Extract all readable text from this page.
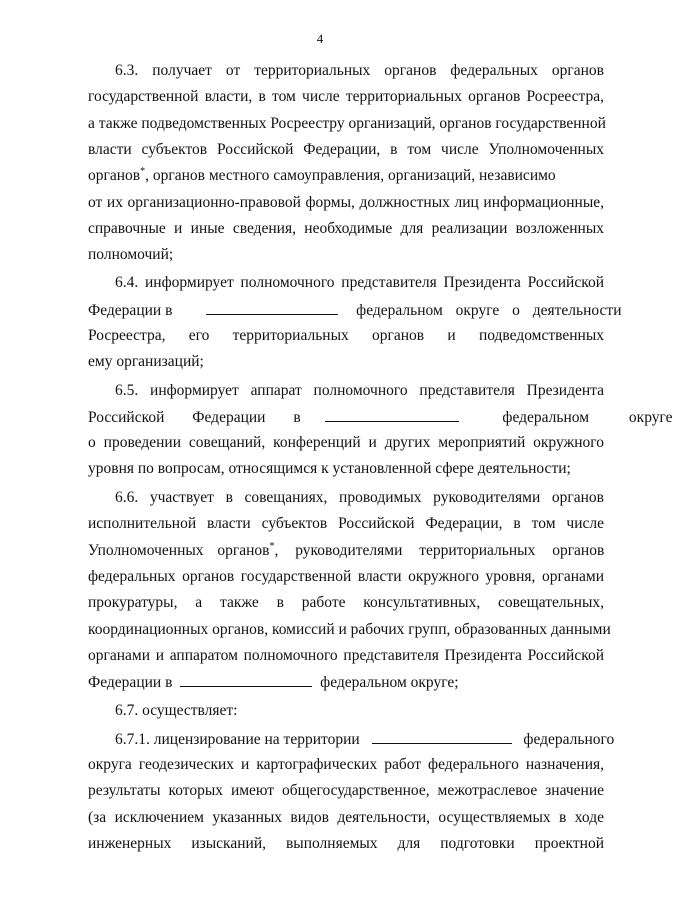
4
6.3. получает от территориальных органов федеральных органов
государственной власти, в том числе территориальных органов Росреестра,
а также подведомственных Росреестру организаций, органов государственной
власти субъектов Российской Федерации, в том числе Уполномоченных
органов*, органов местного самоуправления, организаций, независимо
от их организационно-правовой формы, должностных лиц информационные,
справочные и иные сведения, необходимые для реализации возложенных
полномочий;
6.4. информирует полномочного представителя Президента Российской
Федерации в	федеральном округе о деятельности
Росреестра, его территориальных органов и подведомственных
ему организаций;
6.5. информирует аппарат полномочного представителя Президента
Российской Федерации в	федеральном округе
о проведении совещаний, конференций и других мероприятий окружного
уровня по вопросам, относящимся к установленной сфере деятельности;
6.6. участвует в совещаниях, проводимых руководителями органов
исполнительной власти субъектов Российской Федерации, в том числе
Уполномоченных органов*, руководителями территориальных органов
федеральных органов государственной власти окружного уровня, органами
прокуратуры, а также в работе консультативных, совещательных,
координационных органов, комиссий и рабочих групп, образованных данными
органами и аппаратом полномочного представителя Президента Российской
Федерации в	федеральном округе;
6.7. осуществляет:
6.7.1. лицензирование на территории	федерального
округа геодезических и картографических работ федерального назначения,
результаты которых имеют общегосударственное, межотраслевое значение
(за исключением указанных видов деятельности, осуществляемых в ходе
инженерных изысканий, выполняемых для подготовки проектной
